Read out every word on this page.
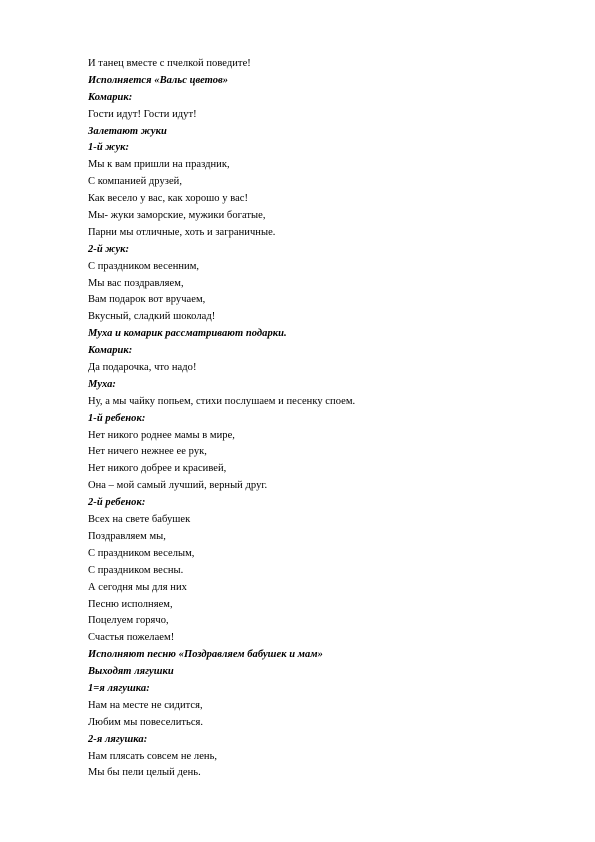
И танец вместе с пчелкой поведите!
Исполняется «Вальс цветов»
Комарик:
Гости идут! Гости идут!
Залетают жуки
1-й жук:
Мы к вам пришли на праздник,
С компанией друзей,
Как весело у вас, как хорошо у вас!
Мы- жуки заморские, мужики богатые,
Парни мы отличные, хоть и заграничные.
2-й жук:
С праздником весенним,
Мы вас поздравляем,
Вам подарок вот вручаем,
Вкусный, сладкий шоколад!
Муха и комарик рассматривают подарки.
Комарик:
Да подарочка, что надо!
Муха:
Ну, а мы чайку попьем, стихи послушаем и песенку споем.
1-й ребенок:
Нет никого роднее мамы в мире,
Нет ничего нежнее ее рук,
Нет никого добрее и красивей,
Она – мой самый лучший, верный друг.
2-й ребенок:
Всех на свете бабушек
Поздравляем мы,
С праздником веселым,
С праздником весны.
А сегодня мы для них
Песню исполняем,
Поцелуем горячо,
Счастья пожелаем!
Исполняют песню «Поздравляем бабушек и мам»
Выходят лягушки
1=я лягушка:
Нам на месте не сидится,
Любим мы повеселиться.
2-я лягушка:
Нам плясать совсем не лень,
Мы бы пели целый день.
